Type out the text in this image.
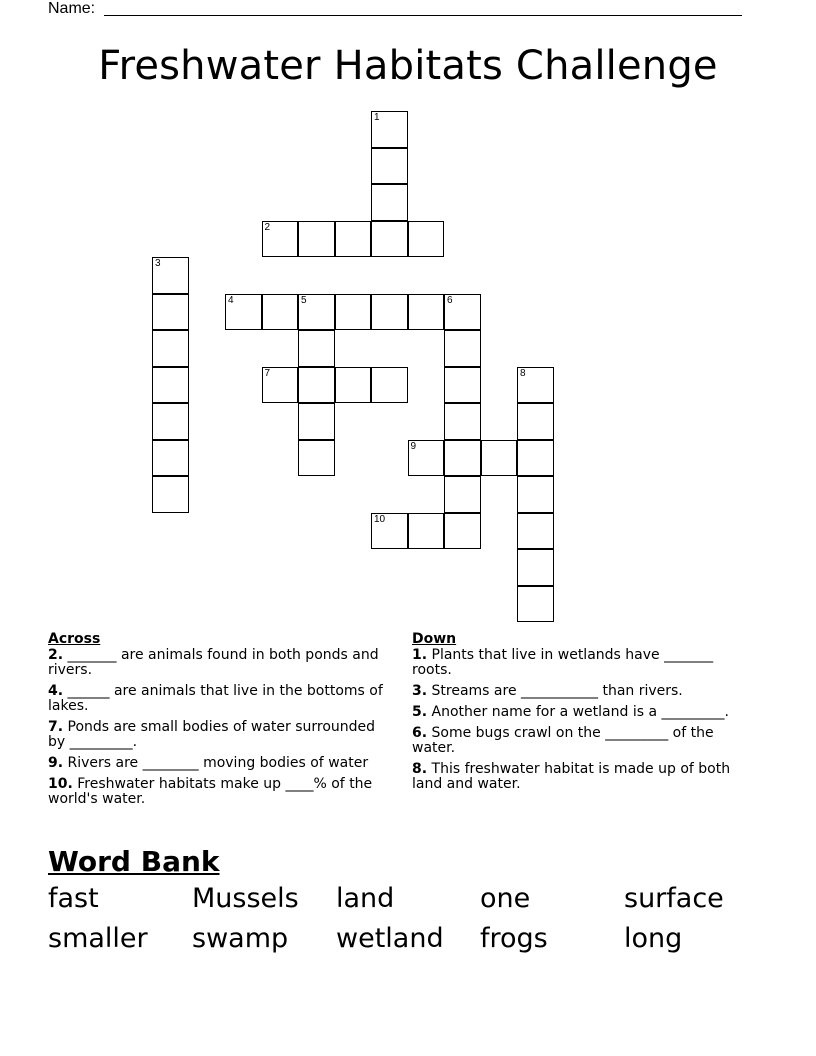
Name:
Freshwater Habitats Challenge
1
2
3
4	5	6
7	8
9
10
Across
2. _______ are animals found in both ponds and rivers.
4. ______ are animals that live in the bottoms of lakes.
7. Ponds are small bodies of water surrounded by _________.
9. Rivers are ________ moving bodies of water
10. Freshwater habitats make up ____% of the world's water.
Down
1. Plants that live in wetlands have _______ roots.
3. Streams are ___________ than rivers.
5. Another name for a wetland is a _________.
6. Some bugs crawl on the _________ of the water.
8. This freshwater habitat is made up of both land and water.
Word Bank
fast	Mussels	land	one	surface
smaller	swamp	wetland	frogs	long
